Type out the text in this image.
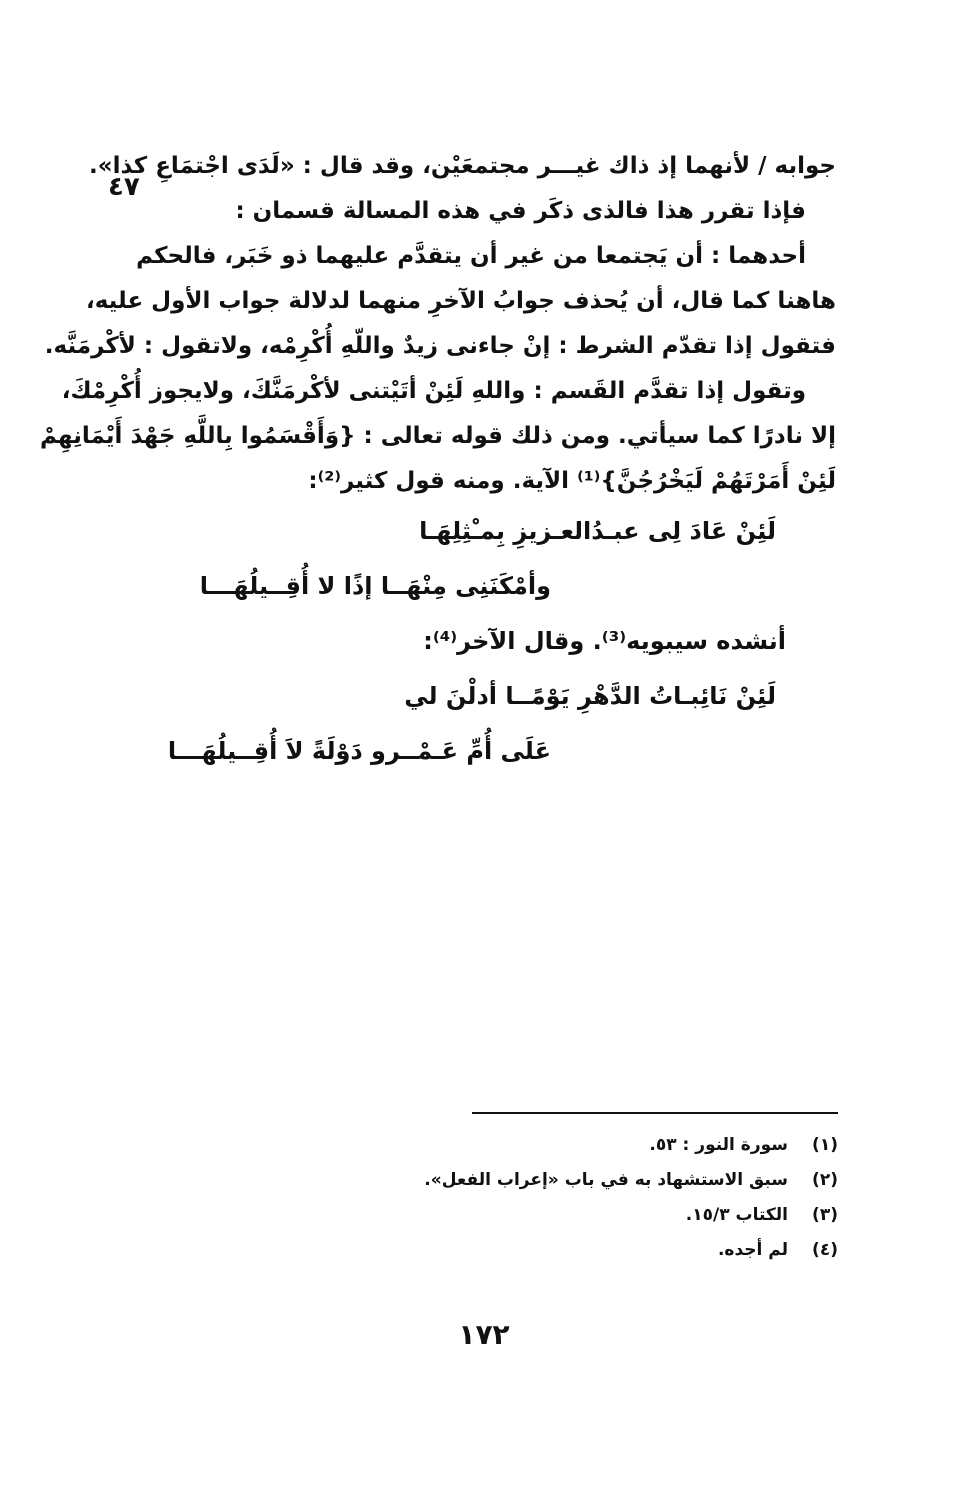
٤٧
جوابه / لأنهما إذ ذاك غيـــر مجتمعَيْن، وقد قال : «لَدَى اجْتمَاعِ كذا».
فإذا تقرر هذا فالذى ذكَر في هذه المسالة قسمان :
أحدهما : أن يَجتمعا من غير أن يتقدَّم عليهما ذو خَبَر، فالحكم
هاهنا كما قال، أن يُحذف جوابُ الآخرِ منهما لدلالة جواب الأول عليه،
فتقول إذا تقدّم الشرط : إنْ جاءنى زيدٌ واللّهِ أُكْرِمْه، ولاتقول : لأكْرمَنَّه.
وتقول إذا تقدَّم القَسم : واللهِ لَئِنْ أتَيْتنى لأكْرمَنَّكَ، ولايجوز أُكْرِمْكَ،
إلا نادرًا كما سيأتي. ومن ذلك قوله تعالى : {وَأَقْسَمُوا بِاللَّهِ جَهْدَ أَيْمَانِهِمْ
لَئِنْ أَمَرْتَهُمْ لَيَخْرُجُنَّ}⁽¹⁾ الآية. ومنه قول كثير⁽²⁾:
لَئِنْ عَادَ لِى عبـدُالعـزيزِ بِمـْثِلِهَـا
وأمْكَنَنِى مِنْهَــا إذًا لا أُقِــيلُهَـــا
أنشده سيبويه⁽³⁾. وقال الآخر⁽⁴⁾:
لَئِنْ نَائِبـاتُ الدَّهْرِ يَوْمًــا أدلْنَ لي
عَلَى أُمِّ عَـمْــرو دَوْلَةً لاَ أُقِــيلُهَـــا
(١)
سورة النور : ٥٣.
(٢)
سبق الاستشهاد به في باب «إعراب الفعل».
(٣)
الكتاب ١٥/٣.
(٤)
لم أجده.
١٧٢
